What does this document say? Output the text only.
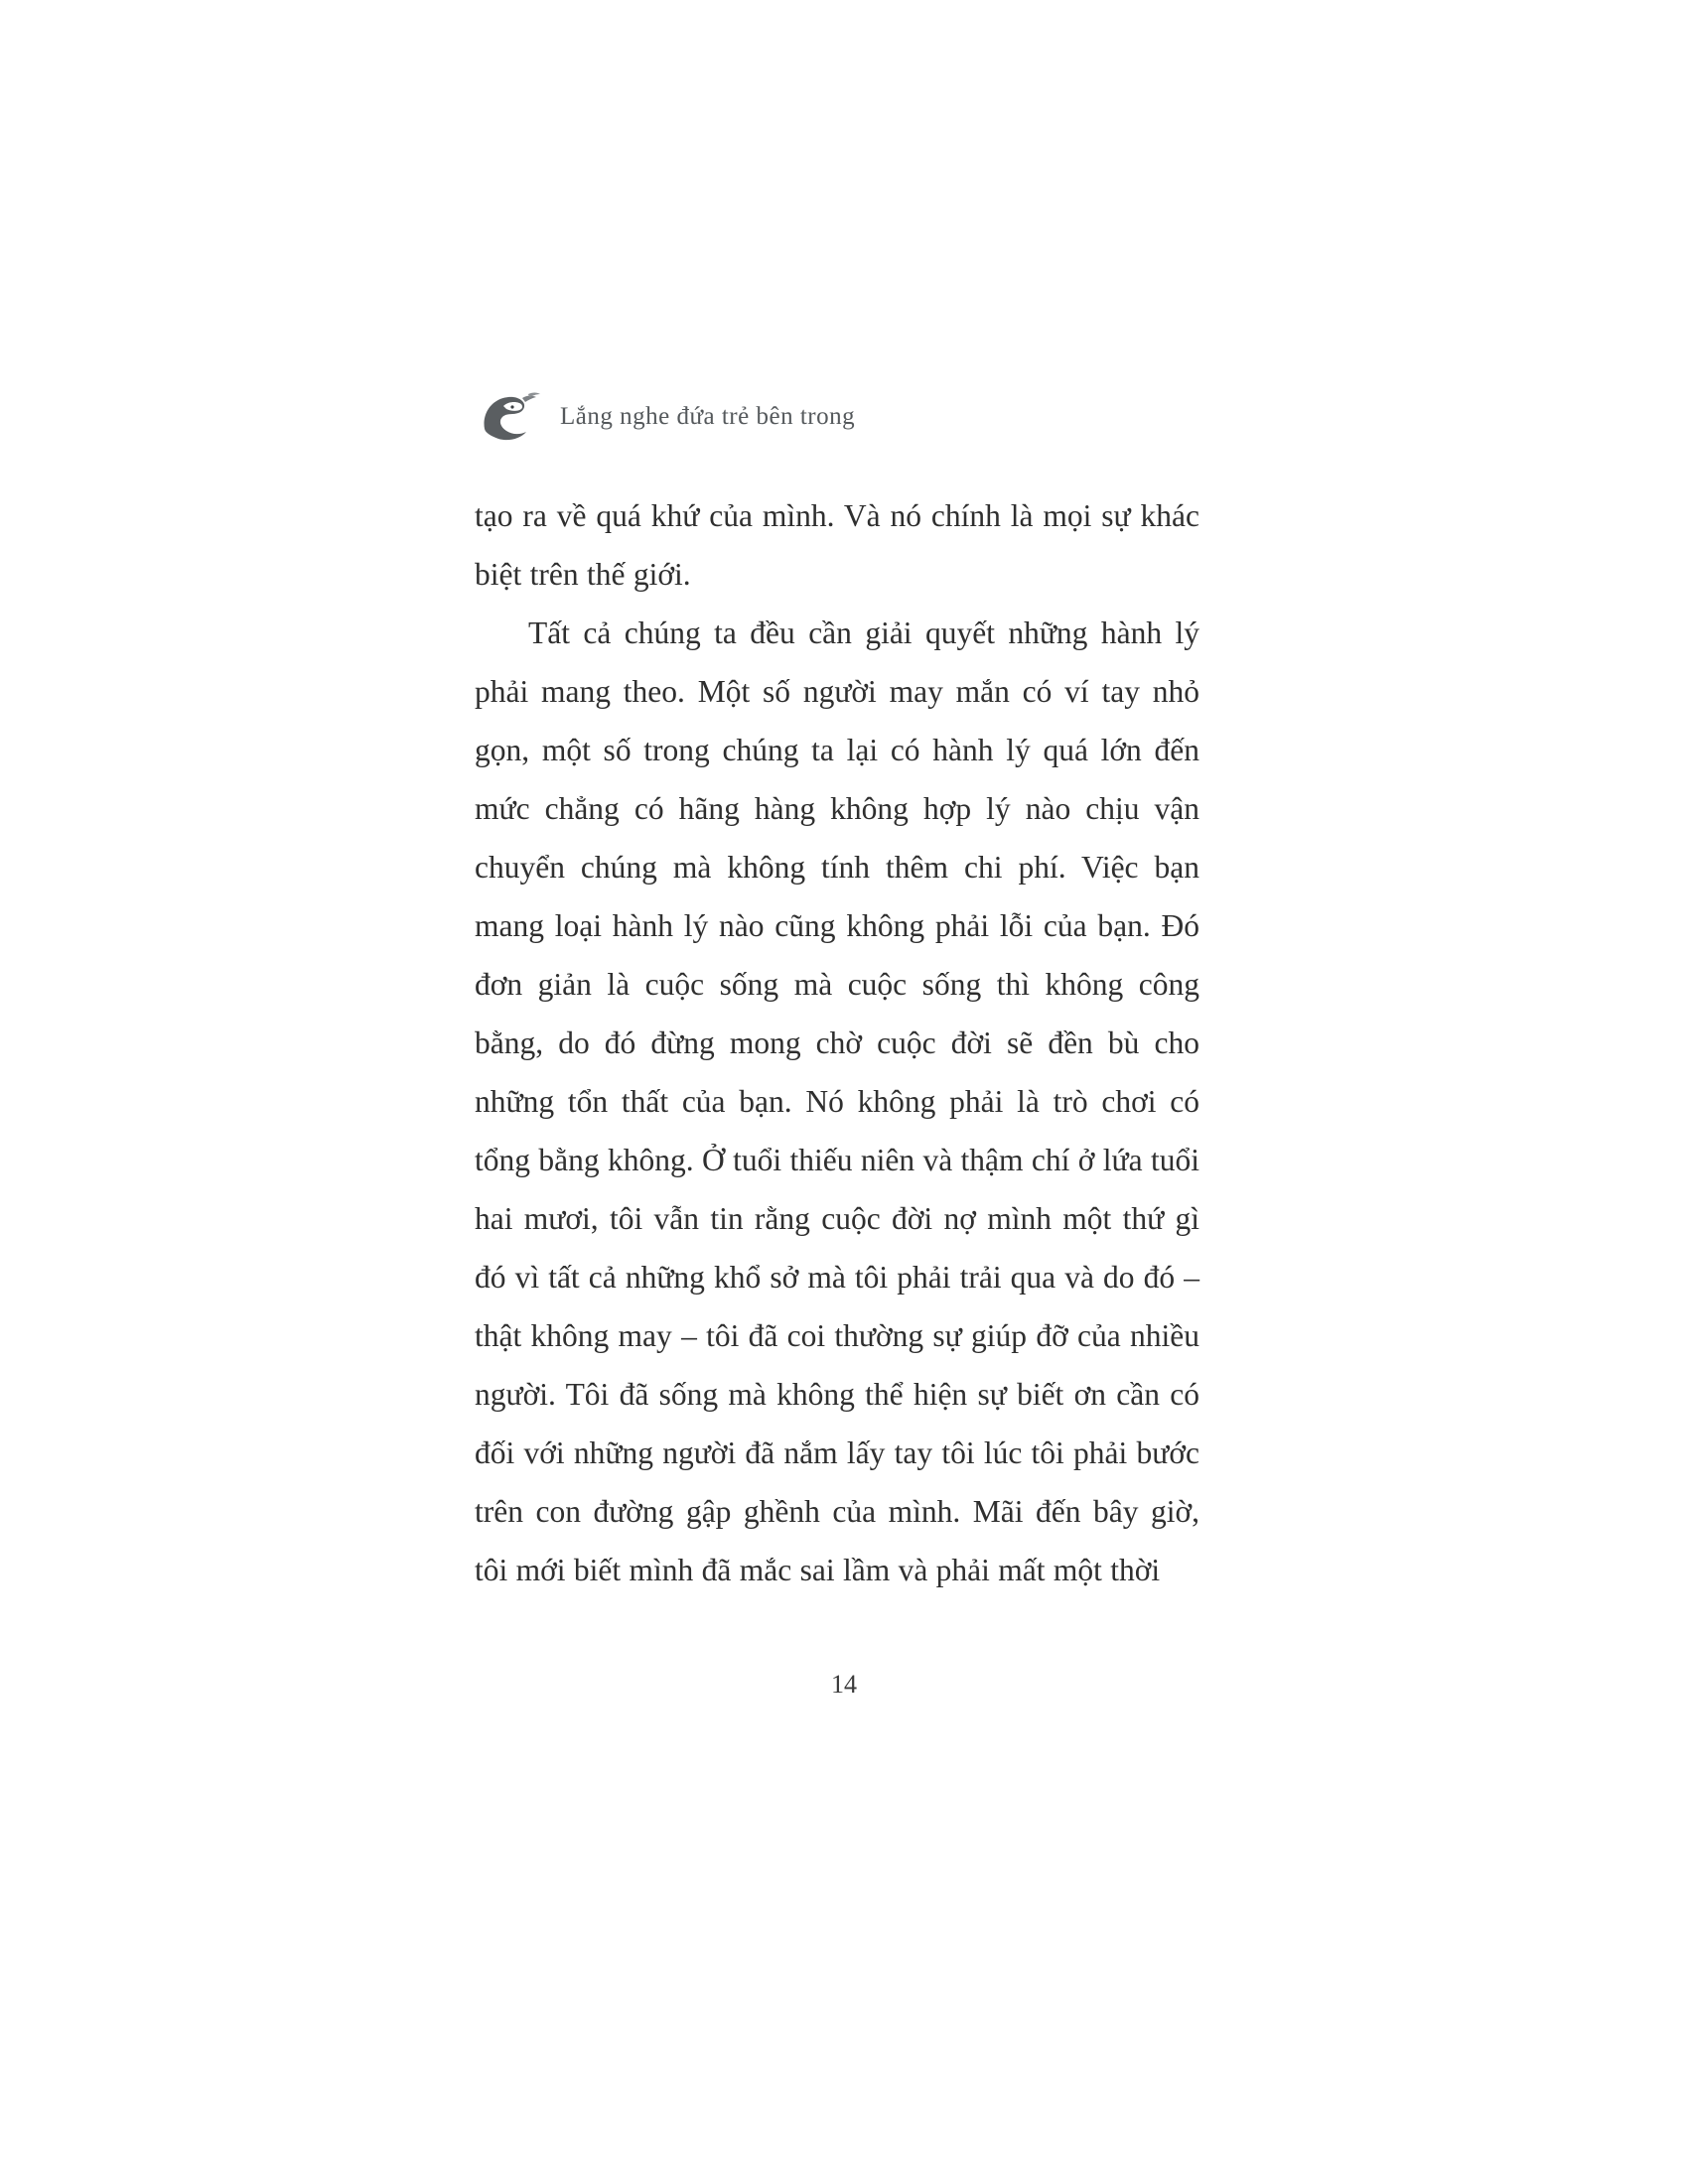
Lắng nghe đứa trẻ bên trong

tạo ra về quá khứ của mình. Và nó chính là mọi sự khác biệt trên thế giới.

Tất cả chúng ta đều cần giải quyết những hành lý phải mang theo. Một số người may mắn có ví tay nhỏ gọn, một số trong chúng ta lại có hành lý quá lớn đến mức chẳng có hãng hàng không hợp lý nào chịu vận chuyển chúng mà không tính thêm chi phí. Việc bạn mang loại hành lý nào cũng không phải lỗi của bạn. Đó đơn giản là cuộc sống mà cuộc sống thì không công bằng, do đó đừng mong chờ cuộc đời sẽ đền bù cho những tổn thất của bạn. Nó không phải là trò chơi có tổng bằng không. Ở tuổi thiếu niên và thậm chí ở lứa tuổi hai mươi, tôi vẫn tin rằng cuộc đời nợ mình một thứ gì đó vì tất cả những khổ sở mà tôi phải trải qua và do đó – thật không may – tôi đã coi thường sự giúp đỡ của nhiều người. Tôi đã sống mà không thể hiện sự biết ơn cần có đối với những người đã nắm lấy tay tôi lúc tôi phải bước trên con đường gập ghềnh của mình. Mãi đến bây giờ, tôi mới biết mình đã mắc sai lầm và phải mất một thời

14
